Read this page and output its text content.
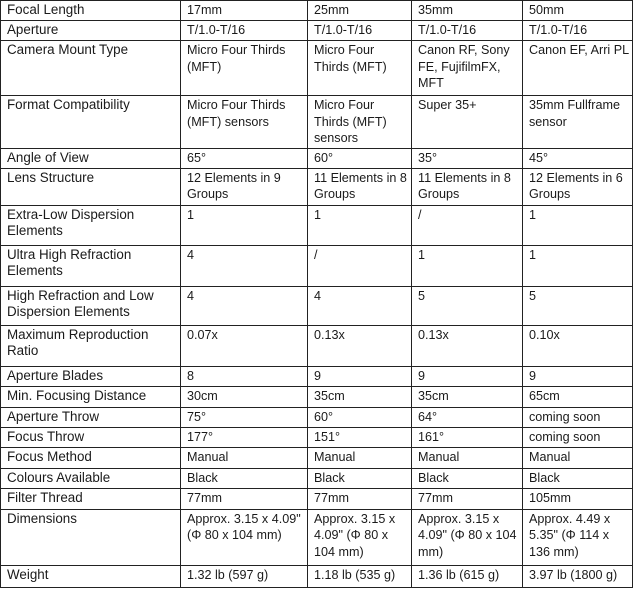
Focal Length	17mm	25mm	35mm	50mm
Aperture	T/1.0-T/16	T/1.0-T/16	T/1.0-T/16	T/1.0-T/16
Camera Mount Type	Micro Four Thirds (MFT)	Micro Four Thirds (MFT)	Canon RF, Sony FE, FujifilmFX, MFT	Canon EF, Arri PL
Format Compatibility	Micro Four Thirds (MFT) sensors	Micro Four Thirds (MFT) sensors	Super 35+	35mm Fullframe sensor
Angle of View	65°	60°	35°	45°
Lens Structure	12 Elements in 9 Groups	11 Elements in 8 Groups	11 Elements in 8 Groups	12 Elements in 6 Groups
Extra-Low Dispersion Elements	1	1	/	1
Ultra High Refraction Elements	4	/	1	1
High Refraction and Low Dispersion Elements	4	4	5	5
Maximum Reproduction Ratio	0.07x	0.13x	0.13x	0.10x
Aperture Blades	8	9	9	9
Min. Focusing Distance	30cm	35cm	35cm	65cm
Aperture Throw	75°	60°	64°	coming soon
Focus Throw	177°	151°	161°	coming soon
Focus Method	Manual	Manual	Manual	Manual
Colours Available	Black	Black	Black	Black
Filter Thread	77mm	77mm	77mm	105mm
Dimensions	Approx. 3.15 x 4.09" (Φ 80 x 104 mm)	Approx. 3.15 x 4.09" (Φ 80 x 104 mm)	Approx. 3.15 x 4.09" (Φ 80 x 104 mm)	Approx. 4.49 x 5.35" (Φ 114 x 136 mm)
Weight	1.32 lb (597 g)	1.18 lb (535 g)	1.36 lb (615 g)	3.97 lb (1800 g)
